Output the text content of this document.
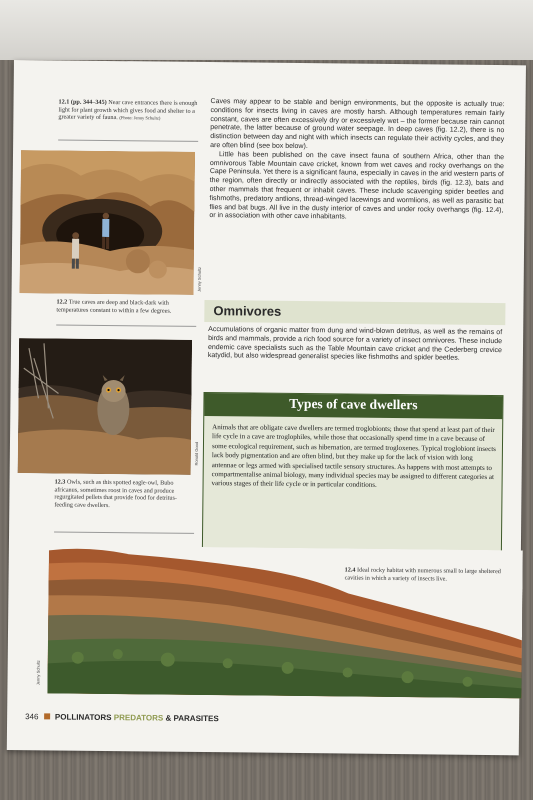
12.1 (pp. 344–345) Near cave entrances there is enough light for plant growth which gives food and shelter to a greater variety of fauna. (Photo: Jenny Schultz)
Jenny Schultz
12.2 True caves are deep and black-dark with temperatures constant to within a few degrees.
Ronald Good
12.3 Owls, such as this spotted eagle-owl, Bubo africanus, sometimes roost in caves and produce regurgitated pellets that provide food for detritus-feeding cave dwellers.

Caves may appear to be stable and benign environments, but the opposite is actually true: conditions for insects living in caves are mostly harsh. Although temperatures remain fairly constant, caves are often excessively dry or excessively wet – the former because rain cannot penetrate, the latter because of ground water seepage. In deep caves (fig. 12.2), there is no distinction between day and night with which insects can regulate their activity cycles, and they are often blind (see box below).

Little has been published on the cave insect fauna of southern Africa, other than the omnivorous Table Mountain cave cricket, known from wet caves and rocky overhangs on the Cape Peninsula. Yet there is a significant fauna, especially in caves in the arid western parts of the region, often directly or indirectly associated with the reptiles, birds (fig. 12.3), bats and other mammals that frequent or inhabit caves. These include scavenging spider beetles and fishmoths, predatory antlions, thread-winged lacewings and wormlions, as well as parasitic bat flies and bat bugs. All live in the dusty interior of caves and under rocky overhangs (fig. 12.4), or in association with other cave inhabitants.

Omnivores

Accumulations of organic matter from dung and wind-blown detritus, as well as the remains of birds and mammals, provide a rich food source for a variety of insect omnivores. These include endemic cave specialists such as the Table Mountain cave cricket and the Cederberg crevice katydid, but also widespread generalist species like fishmoths and spider beetles.

Types of cave dwellers
Animals that are obligate cave dwellers are termed troglobionts; those that spend at least part of their life cycle in a cave are troglophiles, while those that occasionally spend time in a cave because of some ecological requirement, such as hibernation, are termed trogloxenes. Typical troglobiont insects lack body pigmentation and are often blind, but they make up for the lack of vision with long antennae or legs armed with specialised tactile sensory structures. As happens with most attempts to compartmentalise animal biology, many individual species may be assigned to different categories at various stages of their life cycle or in particular conditions.
Jenny Schultz
12.4 Ideal rocky habitat with numerous small to large sheltered cavities in which a variety of insects live.
346 POLLINATORS PREDATORS & PARASITES
